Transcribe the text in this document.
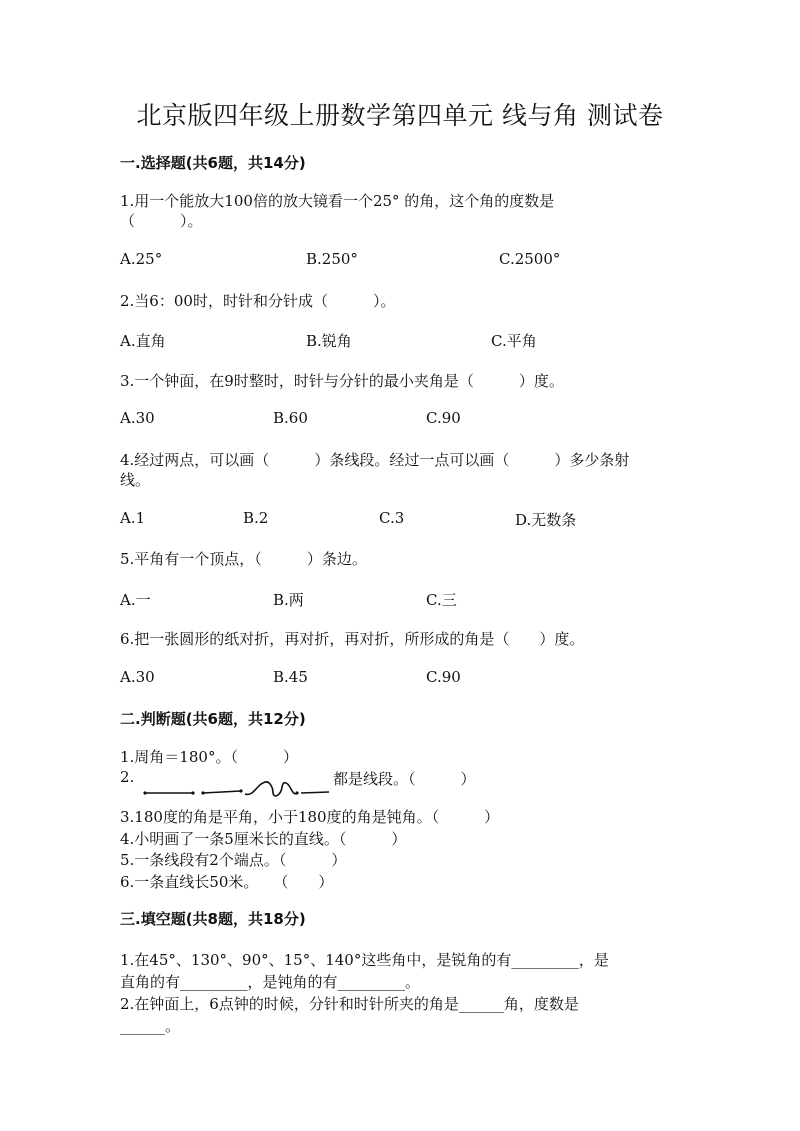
北京版四年级上册数学第四单元 线与角 测试卷
一.选择题(共6题，共14分)
1.用一个能放大100倍的放大镜看一个25° 的角，这个角的度数是
（　　　）。
A.25°	B.250°	C.2500°
2.当6：00时，时针和分针成（　　　）。
A.直角	B.锐角	C.平角
3.一个钟面，在9时整时，时针与分针的最小夹角是（　　　）度。
A.30	B.60	C.90
4.经过两点，可以画（　　　）条线段。经过一点可以画（　　　）多少条射
线。
A.1	B.2	C.3	D.无数条
5.平角有一个顶点，（　　　）条边。
A.一	B.两	C.三
6.把一张圆形的纸对折，再对折，再对折，所形成的角是（　　）度。
A.30	B.45	C.90
二.判断题(共6题，共12分)
1.周角＝180°。（　　　）
2.	都是线段。（　　　）
3.180度的角是平角，小于180度的角是钝角。（　　　）
4.小明画了一条5厘米长的直线。（　　　）
5.一条线段有2个端点。（　　　）
6.一条直线长50米。　　（　　）
三.填空题(共8题，共18分)
1.在45°、130°、90°、15°、140°这些角中，是锐角的有_________，是
直角的有_________，是钝角的有_________。
2.在钟面上，6点钟的时候，分针和时针所夹的角是______角，度数是
______。
